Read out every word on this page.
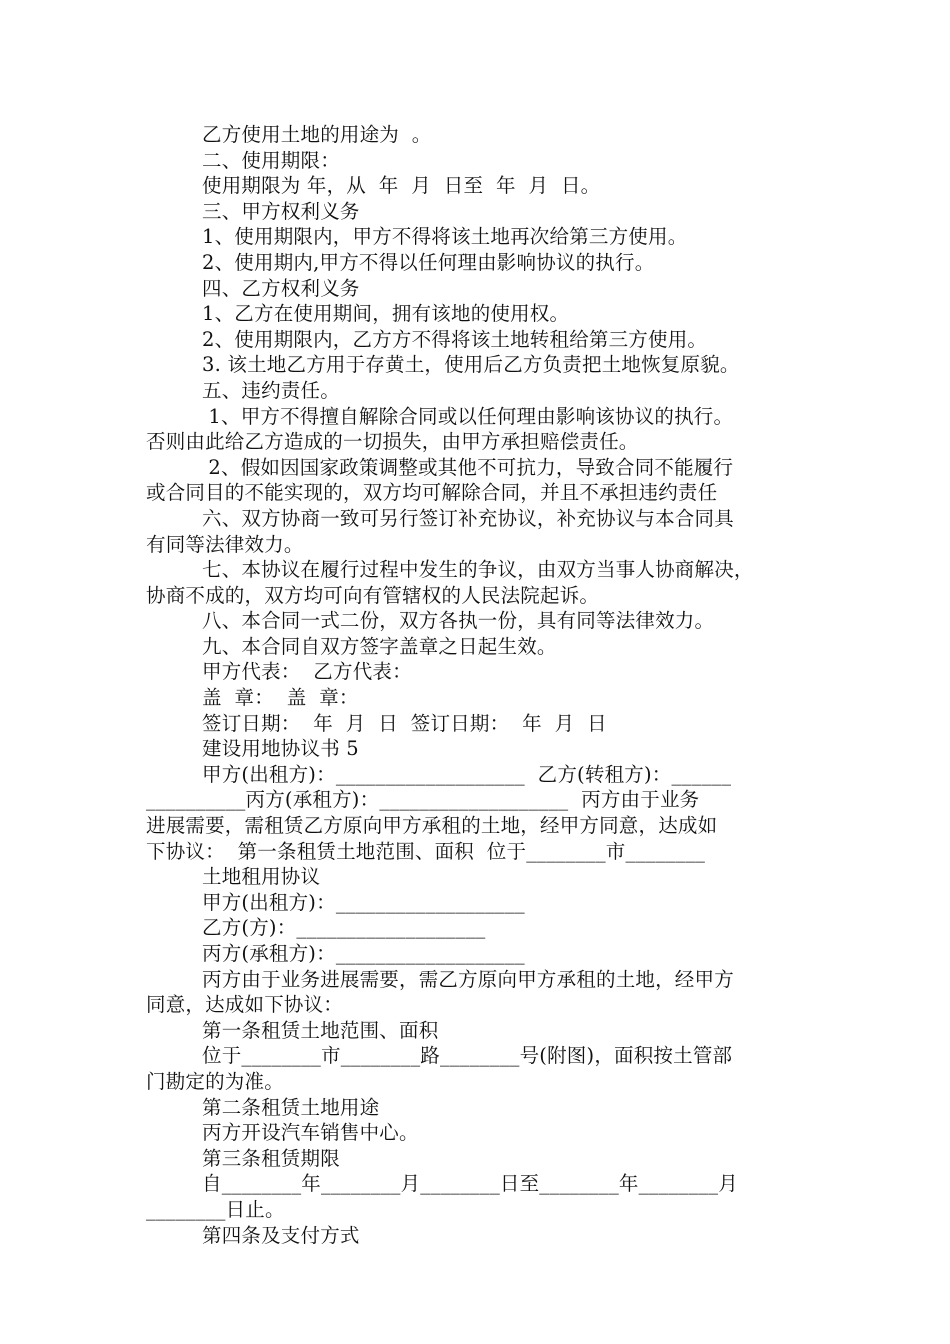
乙方使用土地的用途为  。
二、使用期限：
使用期限为 年，从  年  月  日至  年  月  日。
三、甲方权利义务
1、使用期限内，甲方不得将该土地再次给第三方使用。
2、使用期内,甲方不得以任何理由影响协议的执行。
四、乙方权利义务
1、乙方在使用期间，拥有该地的使用权。
2、使用期限内，乙方方不得将该土地转租给第三方使用。
3. 该土地乙方用于存黄土，使用后乙方负责把土地恢复原貌。
五、违约责任。
1、甲方不得擅自解除合同或以任何理由影响该协议的执行。
否则由此给乙方造成的一切损失，由甲方承担赔偿责任。
2、假如因国家政策调整或其他不可抗力，导致合同不能履行
或合同目的不能实现的，双方均可解除合同，并且不承担违约责任
六、双方协商一致可另行签订补充协议，补充协议与本合同具
有同等法律效力。
七、本协议在履行过程中发生的争议，由双方当事人协商解决，
协商不成的，双方均可向有管辖权的人民法院起诉。
八、本合同一式二份，双方各执一份，具有同等法律效力。
九、本合同自双方签字盖章之日起生效。
甲方代表：  乙方代表：
盖  章：  盖  章：
签订日期：  年  月  日  签订日期：  年  月  日
建设用地协议书 5
甲方(出租方)：___________________  乙方(转租方)：______
__________丙方(承租方)：___________________  丙方由于业务
进展需要，需租赁乙方原向甲方承租的土地，经甲方同意，达成如
下协议：  第一条租赁土地范围、面积  位于________市________
土地租用协议
甲方(出租方)：___________________
乙方(方)：___________________
丙方(承租方)：___________________
丙方由于业务进展需要，需乙方原向甲方承租的土地，经甲方
同意，达成如下协议：
第一条租赁土地范围、面积
位于________市________路________号(附图)，面积按土管部
门勘定的为准。
第二条租赁土地用途
丙方开设汽车销售中心。
第三条租赁期限
自________年________月________日至________年________月
________日止。
第四条及支付方式
